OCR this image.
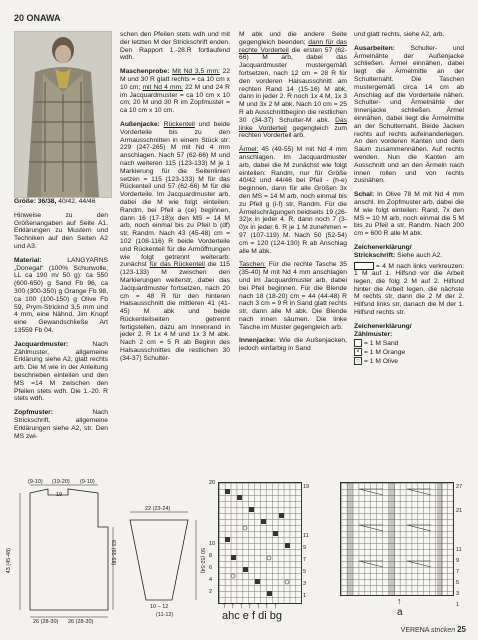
20 ONAWA

Größe: 36/38, 40/42, 44/46

Hinweise zu den Größenangaben auf Seite A1. Erklärungen zu Mustern und Techniken auf den Seiten A2 und A3.

Material: LANGYARNS „Donegal“ (100% Schurwolle, LL ca 190 m/ 50 g): ca 550 (600-650) g Sand Fb 96, ca 300 (300-350) g Orange Fb 98, ca 100 (100-150) g Olive Fb 59, Prym-Stricknd 3,5 mm und 4 mm, eine Nähnd, Jim Knopf eine Gewandschließe Art 13559 Fb 04.

Jacquardmuster: Nach Zählmuster, allgemeine Erklärung siehe A2, glatt rechts arb. Die M wie in der Anleitung beschrieben einteilen und den MS =14 M zwischen den Pfeilen stets wdh. Die 1.-20. R stets wdh.

Zopfmuster: Nach Strickschrift, allgemeine Erklärungen siehe A2, str. Den MS zwi-

schen den Pfeilen stets wdh und mit der letzten M der Strickschrift enden. Den Rapport 1.-28.R fortlaufend wdh.

Maschenprobe: Mit Nd 3,5 mm: 22 M und 30 R glatt rechts = ca 10 cm x 10 cm; mit Nd 4 mm: 22 M und 24 R im Jacquardmuster = ca 10 cm x 10 cm; 20 M und 30 R im Zopfmuster = ca 10 cm x 10 cm.

Außenjacke: Rückenteil und beide Vorderteile bis zu den Armausschnitten in einem Stück str: 229 (247-265) M mit Nd 4 mm anschlagen. Nach 57 (62-66) M und nach weiteren 115 (123-133) M je 1 Markierung für die Seitenlinien setzen = 115 (123-133) M für das Rückenteil und 57 (62-66) M für die Vorderteile. Im Jacquardmuster arb, dabei die M wie folgt einteilen: Randm, bei Pfeil a (ce) beginnen, dann 16 (17-18)x den MS = 14 M arb, noch einmal bis zu Pfeil b (df) str, Randm. Nach 43 (45-48) cm = 102 (108-116) R beide Vorderteile und Rückenteil für die Armöffnungen wie folgt getrennt weiterarb: zunächst für das Rückenteil die 115 (123-133) M zwischen den Markierungen weiterstr, dabei das Jacquardmuster fortsetzen, nach 20 cm = 48 R für den hinteren Halsausschnitt die mittleren 41 (41-45) M abk und beide Rückenteilseiten getrennt fertigstellen, dazu am Innenrand in jeder 2. R 1x 4 M und 1x 3 M abk. Nach 2 cm = 5 R ab Beginn des Halsausschnittes die restlichen 30 (34-37) Schulter-

M abk und die andere Seite gegengleich beenden; dann für das rechte Vorderteil die ersten 57 (62-66) M arb, dabei das Jacquardmuster mustergemäß fortsetzen, nach 12 cm = 28 R für den vorderen Halsausschnitt am rechten Rand 14 (15-16) M abk, dann in jeder 2. R noch 1x 4 M, 1x 3 M und 3x 2 M abk. Nach 10 cm = 25 R ab Ausschnittbeginn die restlichen 30 (34-37) Schulter-M abk. Das linke Vorderteil gegengleich zum rechten Vorderteil arb.

Ärmel: 45 (49-55) M mit Nd 4 mm anschlagen. Im Jacquardmuster arb, dabei die M zunächst wie folgt einteilen: Randm, nur für Größe 40/42 und 44/46 bei Pfeil - (h-e) beginnen, dann für alle Größen 3x den MS = 14 M arb, noch einmal bis zu Pfeil g (i-f) str, Randm. Für die Ärmelschrägungen beidseits 19 (26-32)x in jeder 4. R, dann noch 7 (3-0)x in jeder 6. R je 1 M zunehmen = 97 (107-119) M. Nach 50 (52-54) cm = 120 (124-130) R ab Anschlag alle M abk.

Taschen: Für die rechte Tasche 35 (35-40) M mit Nd 4 mm anschlagen und im Jacquardmuster arb, dabei bei Pfeil beginnen. Für die Blende nach 18 (18-20) cm = 44 (44-48) R nach 3 cm = 9 R in Sand glatt rechts str, dann alle M abk. Die Blende nach innen säumen. Die linke Tasche im Muster gegengleich arb.

Innenjacke: Wie die Außenjacken, jedoch einfarbig in Sand

und glatt rechts, siehe A2, arb.

Ausarbeiten: Schulter- und Ärmelnähte der Außenjacke schließen. Ärmel einnähen, dabei liegt die Ärmelmitte an der Schulternaht. Die Taschen mustergemäß circa 14 cm ab Anschlag auf die Vorderteile nähen. Schulter- und Ärmelnähte der Innenjacke schließen. Ärmel einnähen, dabei liegt die Ärmelmitte an der Schulternaht. Beide Jacken rechts auf rechts aufeinanderlegen. An den vorderen Kanten und dem Saum zusammennähen. Auf rechts wenden. Nun die Kanten am Ausschnitt und an den Ärmeln nach innen rollen und von rechts zusnähen.

Schal: In Olive 78 M mit Nd 4 mm anschl. Im Zopfmuster arb, dabei die M wie folgt einteilen: Rand, 7x den MS = 10 M arb, noch einmal die 5 M bis zu Pfeil a str, Randm. Nach 200 cm = 600 R alle M abk.

Zeichenerklärung/
Strickschrift: Siehe auch A2.

= 4 M nach links verkreuzen: 1 M auf 1. Hilfsnd vor die Arbeit legen, die folg 2 M auf 2. Hilfsnd hinter die Arbeit legen, die nächste M rechts str, dann die 2 M der 2. Hilfsnd links str, danach die M der 1. Hilfsnd rechts str.

Zeichenerklärung/
Zählmuster:

= 1 M Sand
× = 1 M Orange
○ = 1 M Olive
(9-10) (19-20) (9-10)
19
43 (45-48)	63 (65-68)
26 (28-30) 26 (28-30)
22 (23-24)
50 (52-54)
10 – 12
(11-12)
20
10
8
6
4
2
19
11
9
7
5
3
1
↑↑↑↑↑↑↑
ahc e f di bg
27
21
11
9
7
5
3
1
↑
a
VERENA stricken 25
